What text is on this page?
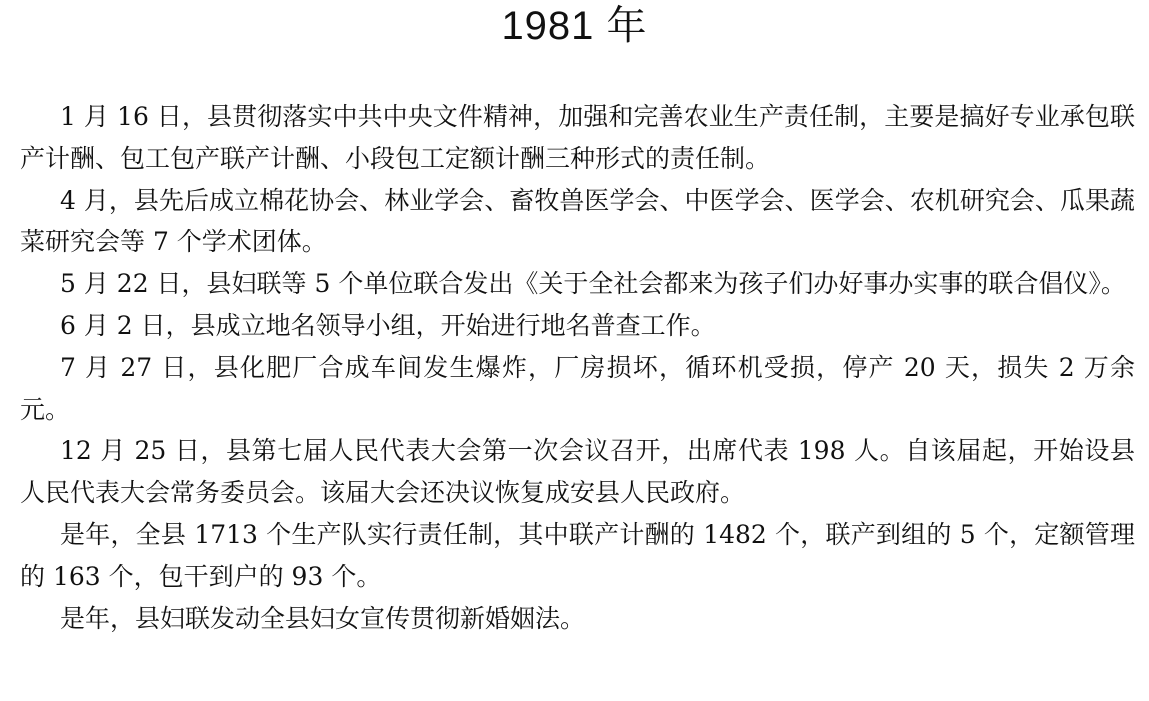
1981 年

1 月 16 日，县贯彻落实中共中央文件精神，加强和完善农业生产责任制，主要是搞好专业承包联产计酬、包工包产联产计酬、小段包工定额计酬三种形式的责任制。

4 月，县先后成立棉花协会、林业学会、畜牧兽医学会、中医学会、医学会、农机研究会、瓜果蔬菜研究会等 7 个学术团体。

5 月 22 日，县妇联等 5 个单位联合发出《关于全社会都来为孩子们办好事办实事的联合倡仪》。

6 月 2 日，县成立地名领导小组，开始进行地名普查工作。

7 月 27 日，县化肥厂合成车间发生爆炸，厂房损坏，循环机受损，停产 20 天，损失 2 万余元。

12 月 25 日，县第七届人民代表大会第一次会议召开，出席代表 198 人。自该届起，开始设县人民代表大会常务委员会。该届大会还决议恢复成安县人民政府。

是年，全县 1713 个生产队实行责任制，其中联产计酬的 1482 个，联产到组的 5 个，定额管理的 163 个，包干到户的 93 个。

是年，县妇联发动全县妇女宣传贯彻新婚姻法。
